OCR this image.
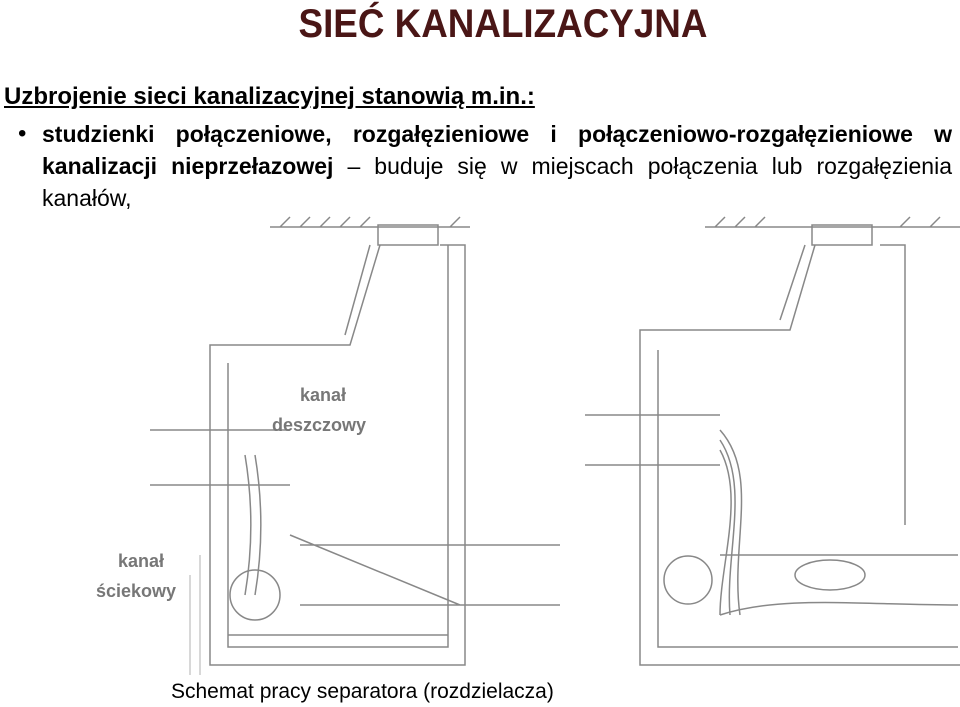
SIEĆ KANALIZACYJNA
Uzbrojenie sieci kanalizacyjnej stanowią m.in.:
• studzienki połączeniowe, rozgałęzieniowe i połączeniowo-rozgałęzieniowe w kanalizacji nieprzełazowej – buduje się w miejscach połączenia lub rozgałęzienia kanałów,
kanał
deszczowy
kanał
ściekowy
Schemat pracy separatora (rozdzielacza)
